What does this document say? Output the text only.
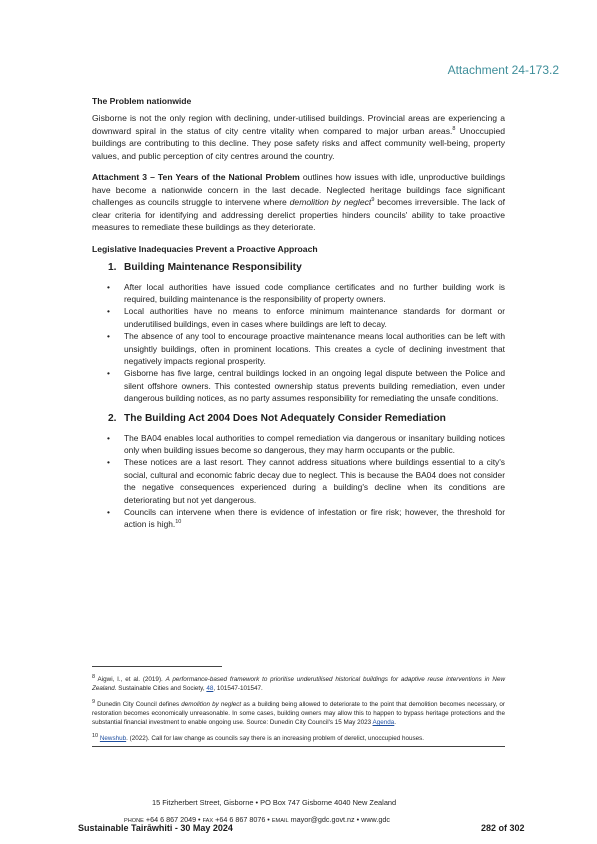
Attachment 24-173.2
The Problem nationwide

Gisborne is not the only region with declining, under-utilised buildings. Provincial areas are experiencing a downward spiral in the status of city centre vitality when compared to major urban areas.$^8$ Unoccupied buildings are contributing to this decline. They pose safety risks and affect community well-being, property values, and public perception of city centres around the country.

Attachment 3 – Ten Years of the National Problem outlines how issues with idle, unproductive buildings have become a nationwide concern in the last decade. Neglected heritage buildings face significant challenges as councils struggle to intervene where demolition by neglect$^9$ becomes irreversible. The lack of clear criteria for identifying and addressing derelict properties hinders councils' ability to take proactive measures to remediate these buildings as they deteriorate.

Legislative Inadequacies Prevent a Proactive Approach
1. Building Maintenance Responsibility
• After local authorities have issued code compliance certificates and no further building work is required, building maintenance is the responsibility of property owners.
• Local authorities have no means to enforce minimum maintenance standards for dormant or underutilised buildings, even in cases where buildings are left to decay.
• The absence of any tool to encourage proactive maintenance means local authorities can be left with unsightly buildings, often in prominent locations. This creates a cycle of declining investment that negatively impacts regional prosperity.
• Gisborne has five large, central buildings locked in an ongoing legal dispute between the Police and silent offshore owners. This contested ownership status prevents building remediation, even under dangerous building notices, as no party assumes responsibility for remediating the unsafe conditions.
2. The Building Act 2004 Does Not Adequately Consider Remediation
• The BA04 enables local authorities to compel remediation via dangerous or insanitary building notices only when building issues become so dangerous, they may harm occupants or the public.
• These notices are a last resort. They cannot address situations where buildings essential to a city's social, cultural and economic fabric decay due to neglect. This is because the BA04 does not consider the negative consequences experienced during a building's decline when its conditions are deteriorating but not yet dangerous.
• Councils can intervene when there is evidence of infestation or fire risk; however, the threshold for action is high.$^{10}$

$^8$ Aigwi, I., et al. (2019). A performance-based framework to prioritise underutilised historical buildings for adaptive reuse interventions in New Zealand. Sustainable Cities and Society, 48, 101547-101547.

$^9$ Dunedin City Council defines demolition by neglect as a building being allowed to deteriorate to the point that demolition becomes necessary, or restoration becomes economically unreasonable. In some cases, building owners may allow this to happen to bypass heritage protections and the substantial financial investment to enable ongoing use. Source: Dunedin City Council's 15 May 2023 Agenda.

$^{10}$ Newshub. (2022). Call for law change as councils say there is an increasing problem of derelict, unoccupied houses.

15 Fitzherbert Street, Gisborne • PO Box 747 Gisborne 4040 New Zealand
PHONE +64 6 867 2049 • FAX +64 6 867 8076 • EMAIL mayor@gdc.govt.nz • www.gdc
Sustainable Tairāwhiti - 30 May 2024	282 of 302
